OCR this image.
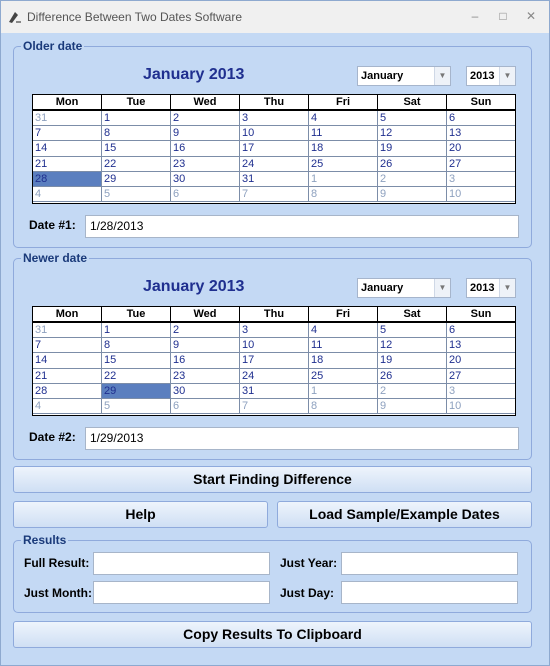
Difference Between Two Dates Software	–	□	✕
Older date
January 2013	January	▼	2013	▼
Mon	Tue	Wed	Thu	Fri	Sat	Sun
31	1	2	3	4	5	6
7	8	9	10	11	12	13
14	15	16	17	18	19	20
21	22	23	24	25	26	27
28	29	30	31	1	2	3
4	5	6	7	8	9	10
Date #1:	1/28/2013
Newer date
January 2013	January	▼	2013	▼
Mon	Tue	Wed	Thu	Fri	Sat	Sun
31	1	2	3	4	5	6
7	8	9	10	11	12	13
14	15	16	17	18	19	20
21	22	23	24	25	26	27
28	29	30	31	1	2	3
4	5	6	7	8	9	10
Date #2:	1/29/2013
Start Finding Difference
Help	Load Sample/Example Dates
Results
Full Result:	Just Year:
Just Month:	Just Day:
Copy Results To Clipboard
